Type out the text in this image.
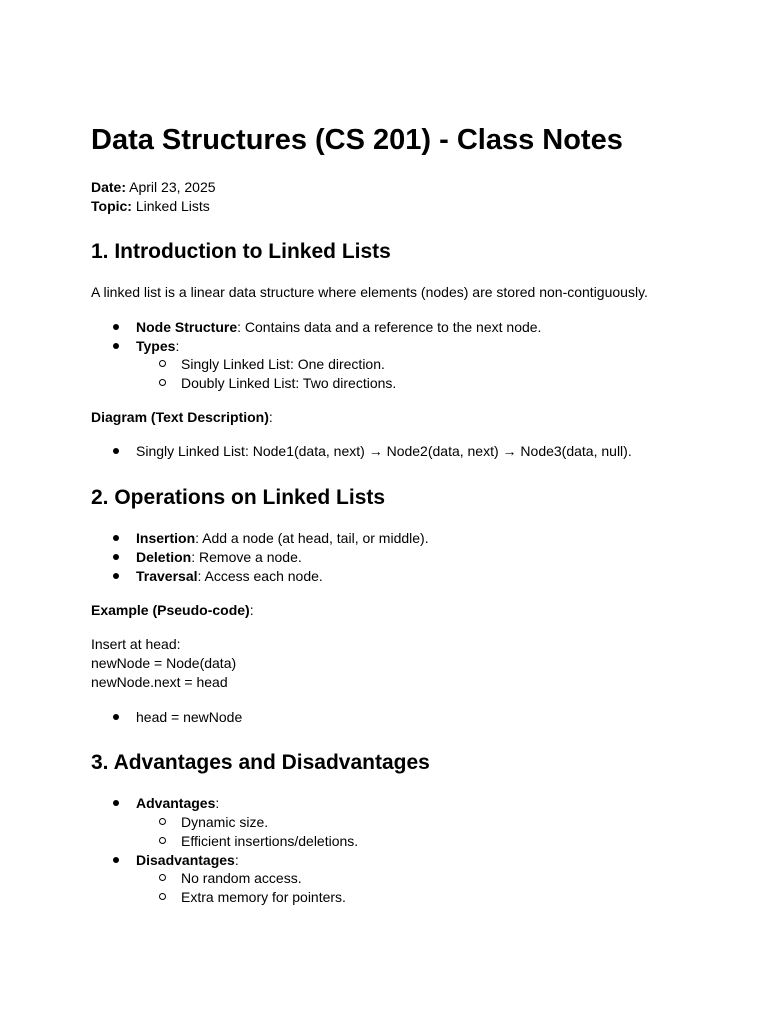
Data Structures (CS 201) - Class Notes
Date: April 23, 2025
Topic: Linked Lists
1. Introduction to Linked Lists
A linked list is a linear data structure where elements (nodes) are stored non-contiguously.
Node Structure: Contains data and a reference to the next node.
Types:
Singly Linked List: One direction.
Doubly Linked List: Two directions.
Diagram (Text Description):
Singly Linked List: Node1(data, next) → Node2(data, next) → Node3(data, null).
2. Operations on Linked Lists
Insertion: Add a node (at head, tail, or middle).
Deletion: Remove a node.
Traversal: Access each node.
Example (Pseudo-code):
Insert at head:
newNode = Node(data)
newNode.next = head
head = newNode
3. Advantages and Disadvantages
Advantages:
Dynamic size.
Efficient insertions/deletions.
Disadvantages:
No random access.
Extra memory for pointers.
